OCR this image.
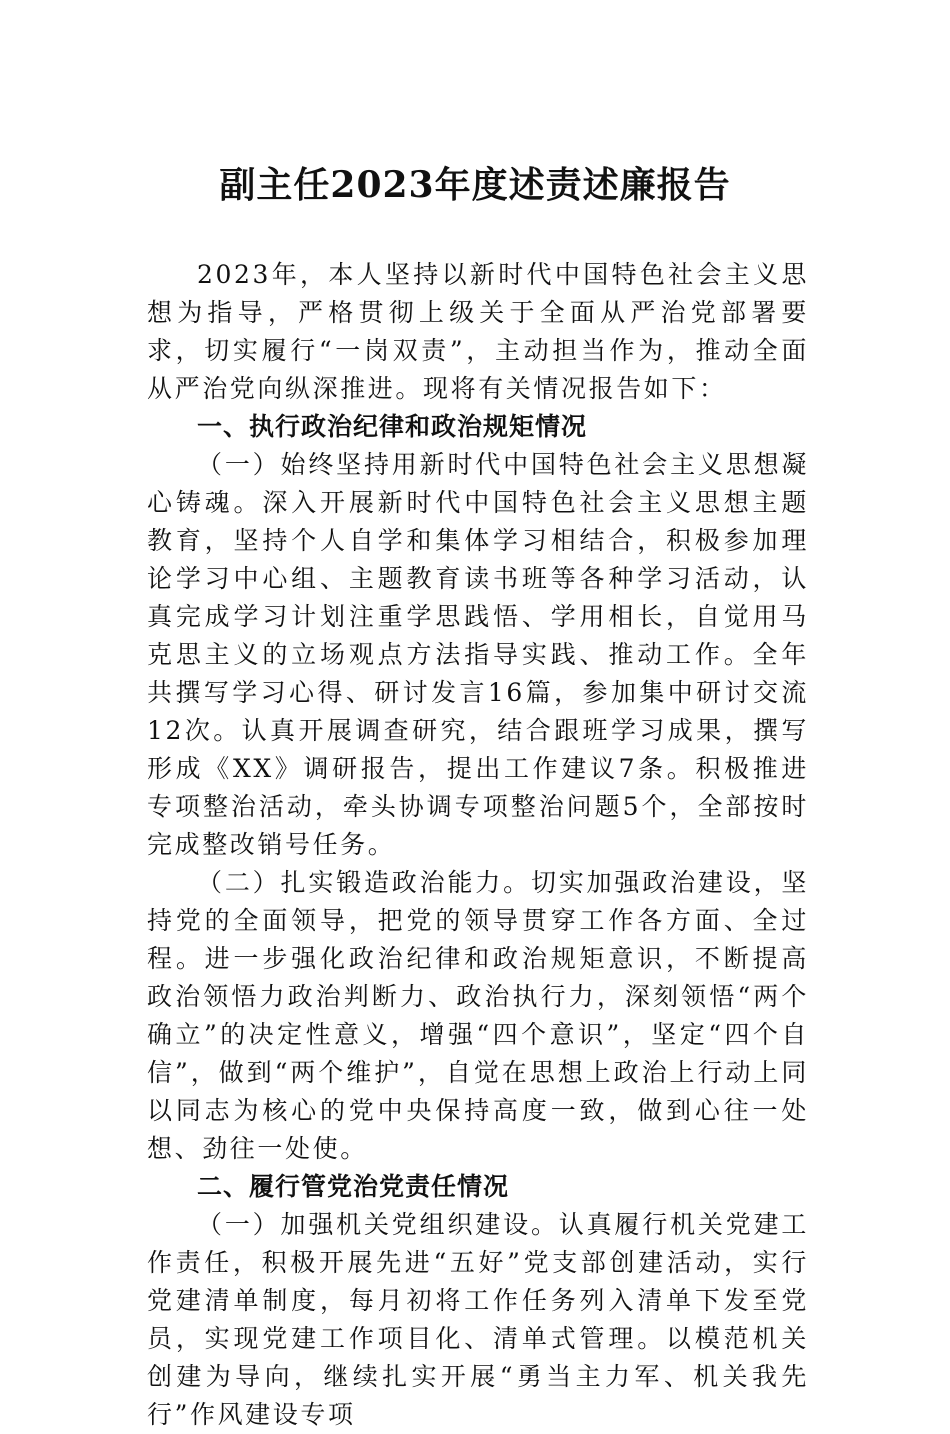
副主任2023年度述责述廉报告

2023年，本人坚持以新时代中国特色社会主义思想为指导，严格贯彻上级关于全面从严治党部署要求，切实履行“一岗双责”，主动担当作为，推动全面从严治党向纵深推进。现将有关情况报告如下：

一、执行政治纪律和政治规矩情况

（一）始终坚持用新时代中国特色社会主义思想凝心铸魂。深入开展新时代中国特色社会主义思想主题教育，坚持个人自学和集体学习相结合，积极参加理论学习中心组、主题教育读书班等各种学习活动，认真完成学习计划注重学思践悟、学用相长，自觉用马克思主义的立场观点方法指导实践、推动工作。全年共撰写学习心得、研讨发言16篇，参加集中研讨交流12次。认真开展调查研究，结合跟班学习成果，撰写形成《XX》调研报告，提出工作建议7条。积极推进专项整治活动，牵头协调专项整治问题5个，全部按时完成整改销号任务。

（二）扎实锻造政治能力。切实加强政治建设，坚持党的全面领导，把党的领导贯穿工作各方面、全过程。进一步强化政治纪律和政治规矩意识，不断提高政治领悟力政治判断力、政治执行力，深刻领悟“两个确立”的决定性意义，增强“四个意识”，坚定“四个自信”，做到“两个维护”，自觉在思想上政治上行动上同以同志为核心的党中央保持高度一致，做到心往一处想、劲往一处使。

二、履行管党治党责任情况

（一）加强机关党组织建设。认真履行机关党建工作责任，积极开展先进“五好”党支部创建活动，实行党建清单制度，每月初将工作任务列入清单下发至党员，实现党建工作项目化、清单式管理。以模范机关创建为导向，继续扎实开展“勇当主力军、机关我先行”作风建设专项
